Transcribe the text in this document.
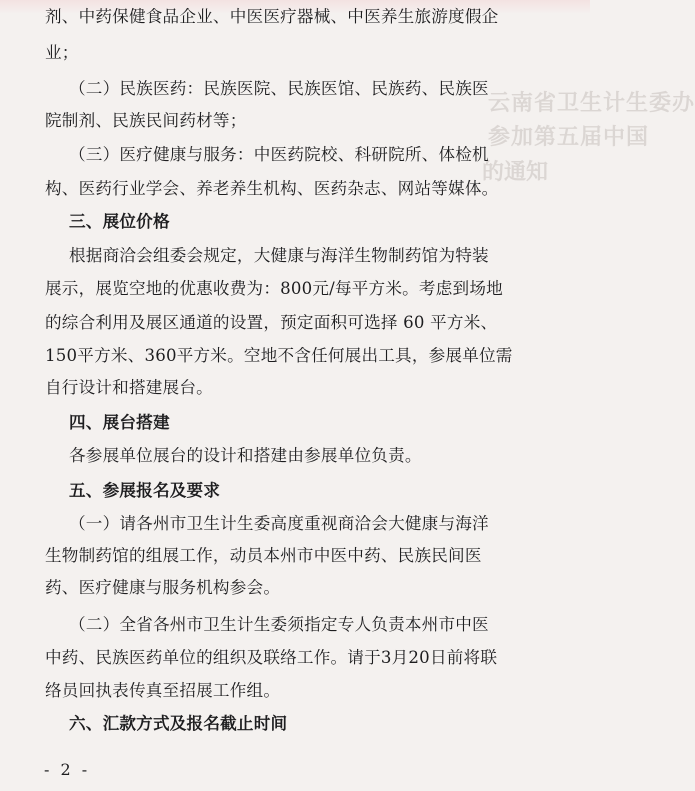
云南省卫生计生委办
参加第五届中国
的通知
剂、中药保健食品企业、中医医疗器械、中医养生旅游度假企
业；
（二）民族医药：民族医院、民族医馆、民族药、民族医
院制剂、民族民间药材等；
（三）医疗健康与服务：中医药院校、科研院所、体检机
构、医药行业学会、养老养生机构、医药杂志、网站等媒体。
三、展位价格
根据商洽会组委会规定，大健康与海洋生物制药馆为特装
展示，展览空地的优惠收费为：800元/每平方米。考虑到场地
的综合利用及展区通道的设置，预定面积可选择 60 平方米、
150平方米、360平方米。空地不含任何展出工具，参展单位需
自行设计和搭建展台。
四、展台搭建
各参展单位展台的设计和搭建由参展单位负责。
五、参展报名及要求
（一）请各州市卫生计生委高度重视商洽会大健康与海洋
生物制药馆的组展工作，动员本州市中医中药、民族民间医
药、医疗健康与服务机构参会。
（二）全省各州市卫生计生委须指定专人负责本州市中医
中药、民族医药单位的组织及联络工作。请于3月20日前将联
络员回执表传真至招展工作组。
六、汇款方式及报名截止时间
- 2 -
